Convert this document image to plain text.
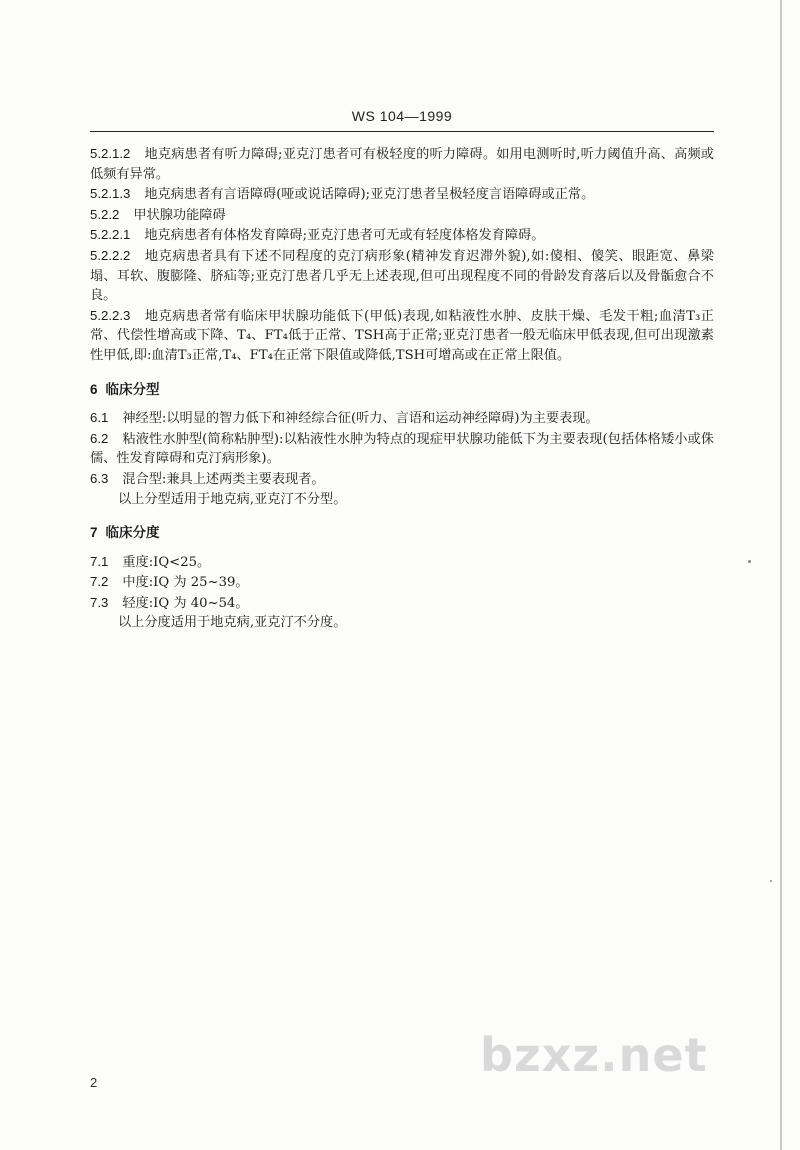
WS 104—1999

5.2.1.2 地克病患者有听力障碍;亚克汀患者可有极轻度的听力障碍。如用电测听时,听力阈值升高、高频或低频有异常。

5.2.1.3 地克病患者有言语障碍(哑或说话障碍);亚克汀患者呈极轻度言语障碍或正常。

5.2.2 甲状腺功能障碍

5.2.2.1 地克病患者有体格发育障碍;亚克汀患者可无或有轻度体格发育障碍。

5.2.2.2 地克病患者具有下述不同程度的克汀病形象(精神发育迟滞外貌),如:傻相、傻笑、眼距宽、鼻梁塌、耳软、腹膨隆、脐疝等;亚克汀患者几乎无上述表现,但可出现程度不同的骨龄发育落后以及骨骺愈合不良。

5.2.2.3 地克病患者常有临床甲状腺功能低下(甲低)表现,如粘液性水肿、皮肤干燥、毛发干粗;血清T₃正常、代偿性增高或下降、T₄、FT₄低于正常、TSH高于正常;亚克汀患者一般无临床甲低表现,但可出现激素性甲低,即:血清T₃正常,T₄、FT₄在正常下限值或降低,TSH可增高或在正常上限值。

6 临床分型

6.1 神经型:以明显的智力低下和神经综合征(听力、言语和运动神经障碍)为主要表现。

6.2 粘液性水肿型(简称粘肿型):以粘液性水肿为特点的现症甲状腺功能低下为主要表现(包括体格矮小或侏儒、性发育障碍和克汀病形象)。

6.3 混合型:兼具上述两类主要表现者。

以上分型适用于地克病,亚克汀不分型。

7 临床分度

7.1 重度:IQ<25。

7.2 中度:IQ 为 25~39。

7.3 轻度:IQ 为 40~54。

以上分度适用于地克病,亚克汀不分度。

bzxz.net
2
